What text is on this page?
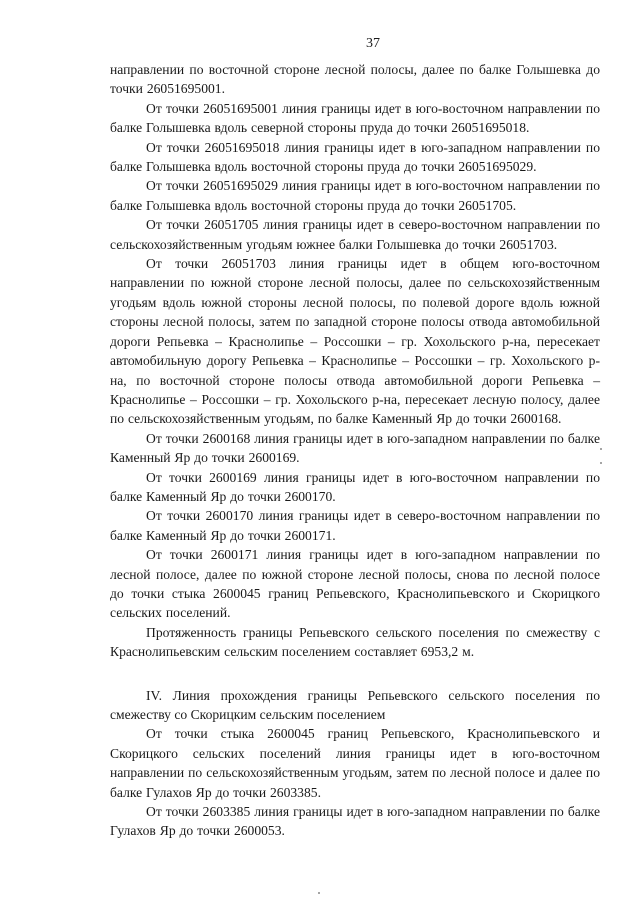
37

направлении по восточной стороне лесной полосы, далее по балке Голышевка до точки 26051695001.

От точки 26051695001 линия границы идет в юго-восточном направлении по балке Голышевка вдоль северной стороны пруда до точки 26051695018.

От точки 26051695018 линия границы идет в юго-западном направлении по балке Голышевка вдоль восточной стороны пруда до точки 26051695029.

От точки 26051695029 линия границы идет в юго-восточном направлении по балке Голышевка вдоль восточной стороны пруда до точки 26051705.

От точки 26051705 линия границы идет в северо-восточном направлении по сельскохозяйственным угодьям южнее балки Голышевка до точки 26051703.

От точки 26051703 линия границы идет в общем юго-восточном направлении по южной стороне лесной полосы, далее по сельскохозяйственным угодьям вдоль южной стороны лесной полосы, по полевой дороге вдоль южной стороны лесной полосы, затем по западной стороне полосы отвода автомобильной дороги Репьевка – Краснолипье – Россошки – гр. Хохольского р-на, пересекает автомобильную дорогу Репьевка – Краснолипье – Россошки – гр. Хохольского р-на, по восточной стороне полосы отвода автомобильной дороги Репьевка – Краснолипье – Россошки – гр. Хохольского р-на, пересекает лесную полосу, далее по сельскохозяйственным угодьям, по балке Каменный Яр до точки 2600168.

От точки 2600168 линия границы идет в юго-западном направлении по балке Каменный Яр до точки 2600169.

От точки 2600169 линия границы идет в юго-восточном направлении по балке Каменный Яр до точки 2600170.

От точки 2600170 линия границы идет в северо-восточном направлении по балке Каменный Яр до точки 2600171.

От точки 2600171 линия границы идет в юго-западном направлении по лесной полосе, далее по южной стороне лесной полосы, снова по лесной полосе до точки стыка 2600045 границ Репьевского, Краснолипьевского и Скорицкого сельских поселений.

Протяженность границы Репьевского сельского поселения по смежеству с Краснолипьевским сельским поселением составляет 6953,2 м.

IV. Линия прохождения границы Репьевского сельского поселения по смежеству со Скорицким сельским поселением

От точки стыка 2600045 границ Репьевского, Краснолипьевского и Скорицкого сельских поселений линия границы идет в юго-восточном направлении по сельскохозяйственным угодьям, затем по лесной полосе и далее по балке Гулахов Яр до точки 2603385.

От точки 2603385 линия границы идет в юго-западном направлении по балке Гулахов Яр до точки 2600053.
